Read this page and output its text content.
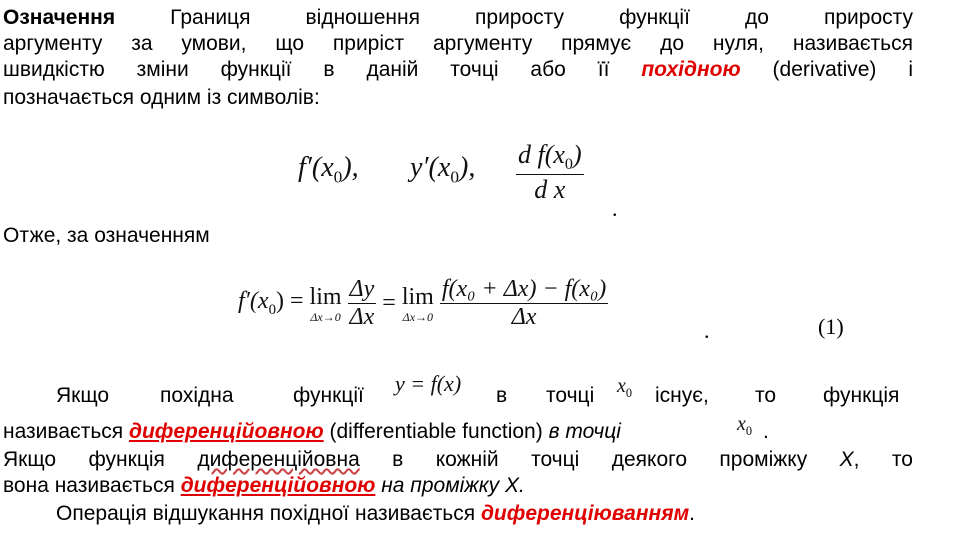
Означення Границя відношення приросту функції до приросту
аргументу за умови, що приріст аргументу прямує до нуля, називається
швидкістю зміни функції в даній точці або її похідною (derivative) і
позначається одним із символів:
$f'(x_0)$, $y'(x_0)$, $\frac{d f(x_0)}{\text{d x}}$
.
Отже, за означенням
$f'(x_0) = \lim$
Δx→0
$\frac{\Delta y}{\Delta x} = \lim$
Δx→0
$\frac{\text{f(x₀ + Δx) − f(x₀)}}{\Delta x}$	.	(1)
Якщо похідна	функції y = f(x) в точці $x_0$ існує, то функція
називається диференційовною (differentiable function) в точці	$x_0$ .
Якщо функція диференційовна в кожній точці деякого проміжку X, то
вона називається диференційовною на проміжку X.
Операція відшукання похідної називається диференціюванням.
